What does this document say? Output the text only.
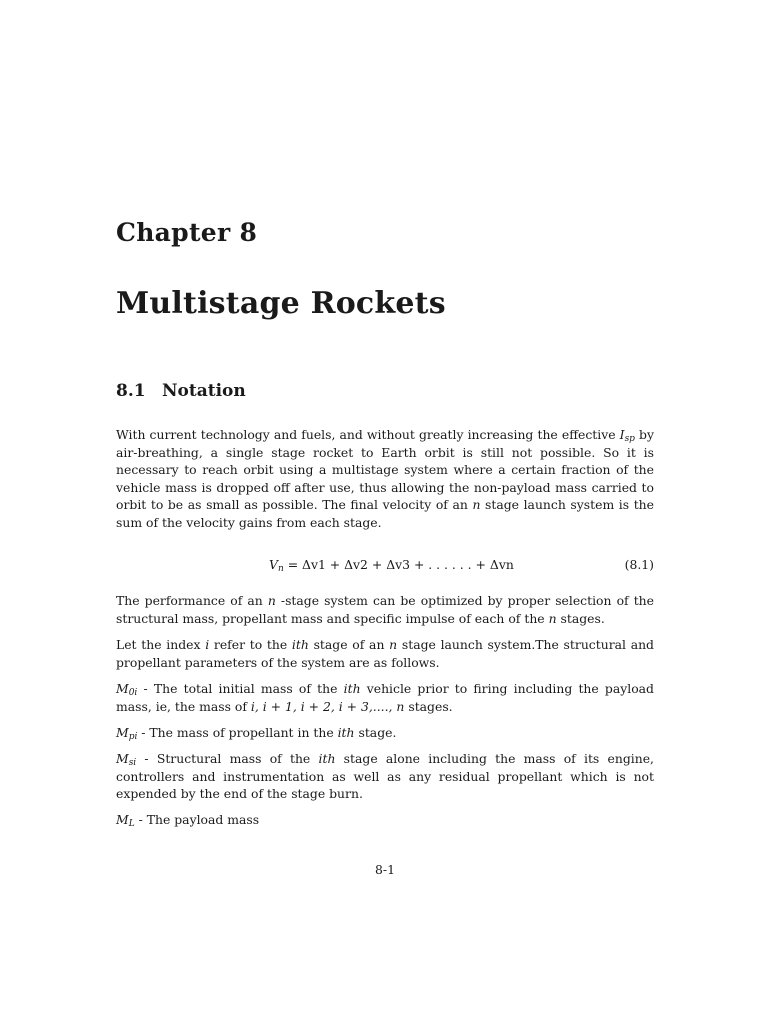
Chapter 8
Multistage Rockets
8.1 Notation

With current technology and fuels, and without greatly increasing the effective $I_{sp}$ by air-breathing, a single stage rocket to Earth orbit is still not possible. So it is necessary to reach orbit using a multistage system where a certain fraction of the vehicle mass is dropped off after use, thus allowing the non-payload mass carried to orbit to be as small as possible. The final velocity of an n stage launch system is the sum of the velocity gains from each stage.

$V_n = \Delta v1 + \Delta v2 + \Delta v3$ + . . . . . . + Δvn	(8.1)

The performance of an n -stage system can be optimized by proper selection of the structural mass, propellant mass and specific impulse of each of the n stages.

Let the index i refer to the ith stage of an n stage launch system.The structural and propellant parameters of the system are as follows.

$M_{0i}$ - The total initial mass of the ith vehicle prior to firing including the payload mass, ie, the mass of i, i + 1, i + 2, i + 3,...., n stages.

$M_{pi}$ - The mass of propellant in the ith stage.

$M_{si}$ - Structural mass of the ith stage alone including the mass of its engine, controllers and instrumentation as well as any residual propellant which is not expended by the end of the stage burn.

$M_L$ - The payload mass

8-1
